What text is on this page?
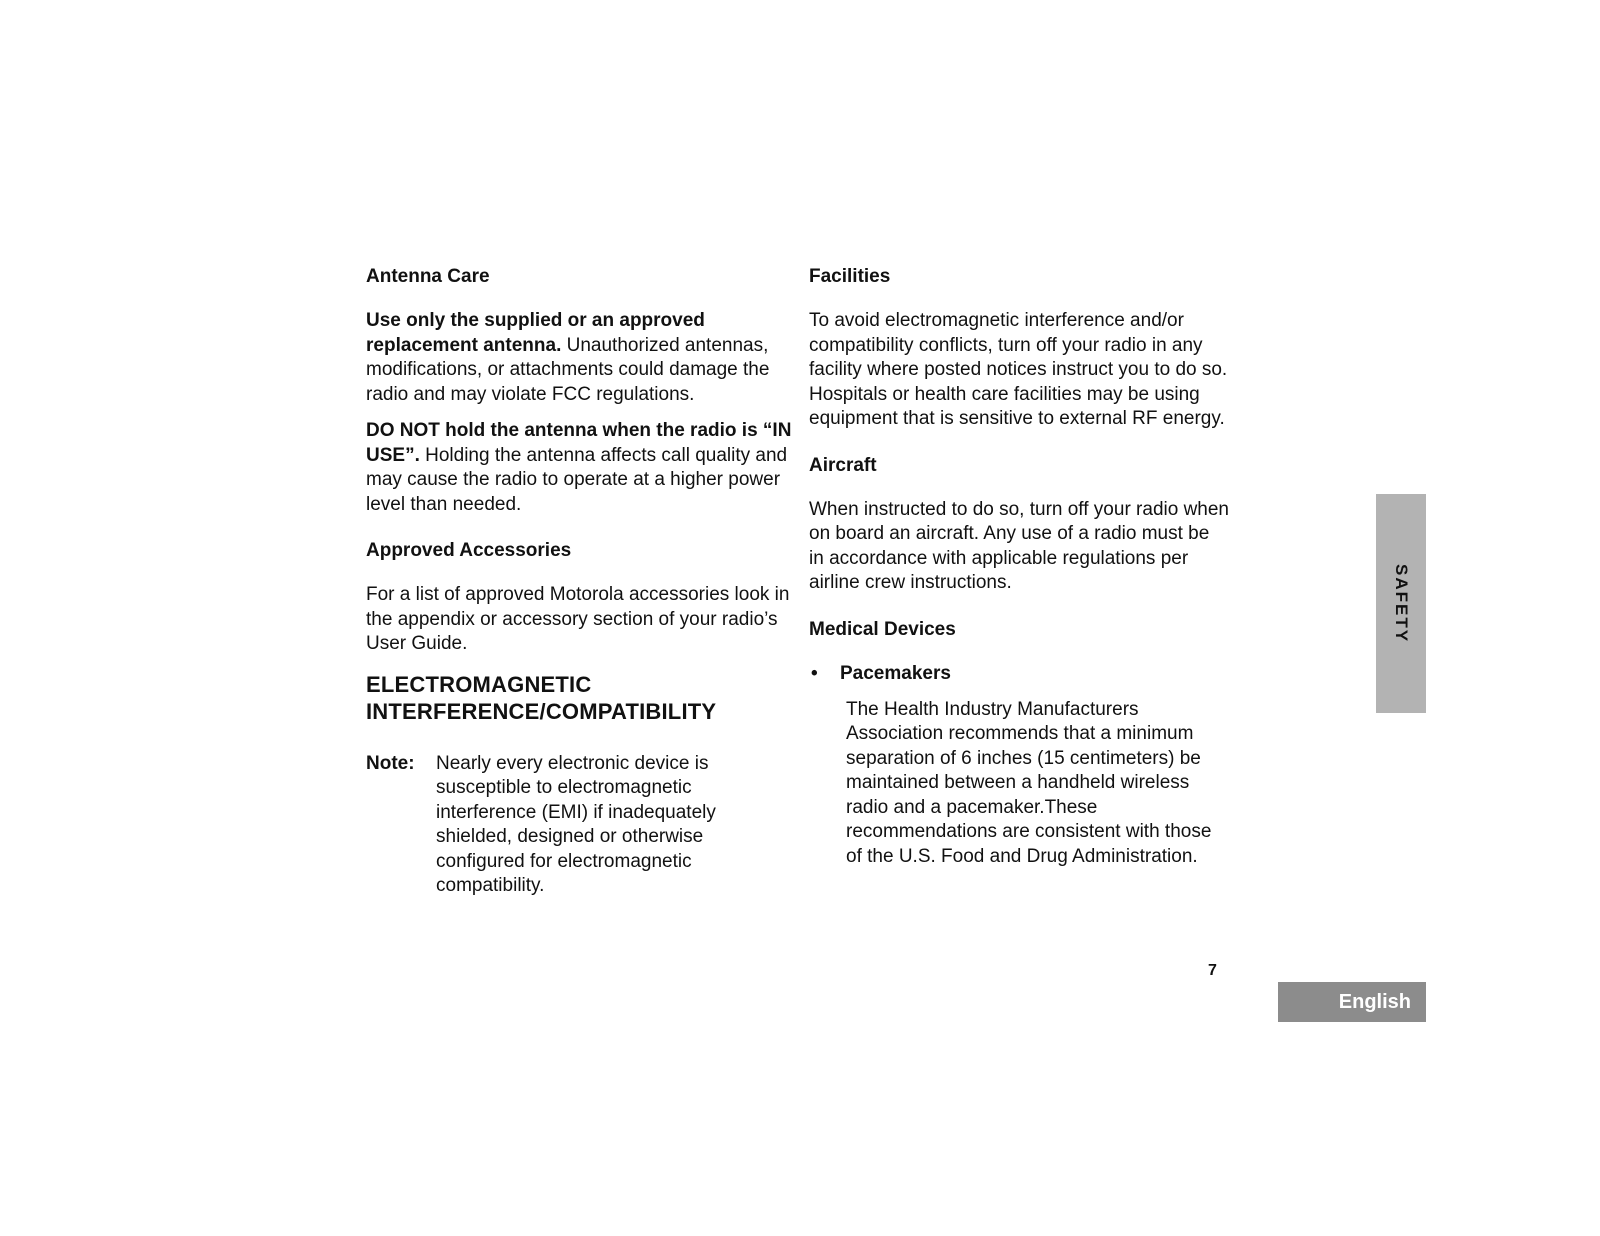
Antenna Care

Use only the supplied or an approved replacement antenna. Unauthorized antennas, modifications, or attachments could damage the radio and may violate FCC regulations.

DO NOT hold the antenna when the radio is “IN USE”. Holding the antenna affects call quality and may cause the radio to operate at a higher power level than needed.

Approved Accessories

For a list of approved Motorola accessories look in the appendix or accessory section of your radio’s User Guide.

ELECTROMAGNETIC
INTERFERENCE/COMPATIBILITY
Note:	Nearly every electronic device is susceptible to electromagnetic interference (EMI) if inadequately shielded, designed or otherwise configured for electromagnetic compatibility.
Facilities

To avoid electromagnetic interference and/or compatibility conflicts, turn off your radio in any facility where posted notices instruct you to do so. Hospitals or health care facilities may be using equipment that is sensitive to external RF energy.

Aircraft

When instructed to do so, turn off your radio when on board an aircraft. Any use of a radio must be in accordance with applicable regulations per airline crew instructions.

Medical Devices
•	Pacemakers

The Health Industry Manufacturers Association recommends that a minimum separation of 6 inches (15 centimeters) be maintained between a handheld wireless radio and a pacemaker.These recommendations are consistent with those of the U.S. Food and Drug Administration.

SAFETY
7
English
